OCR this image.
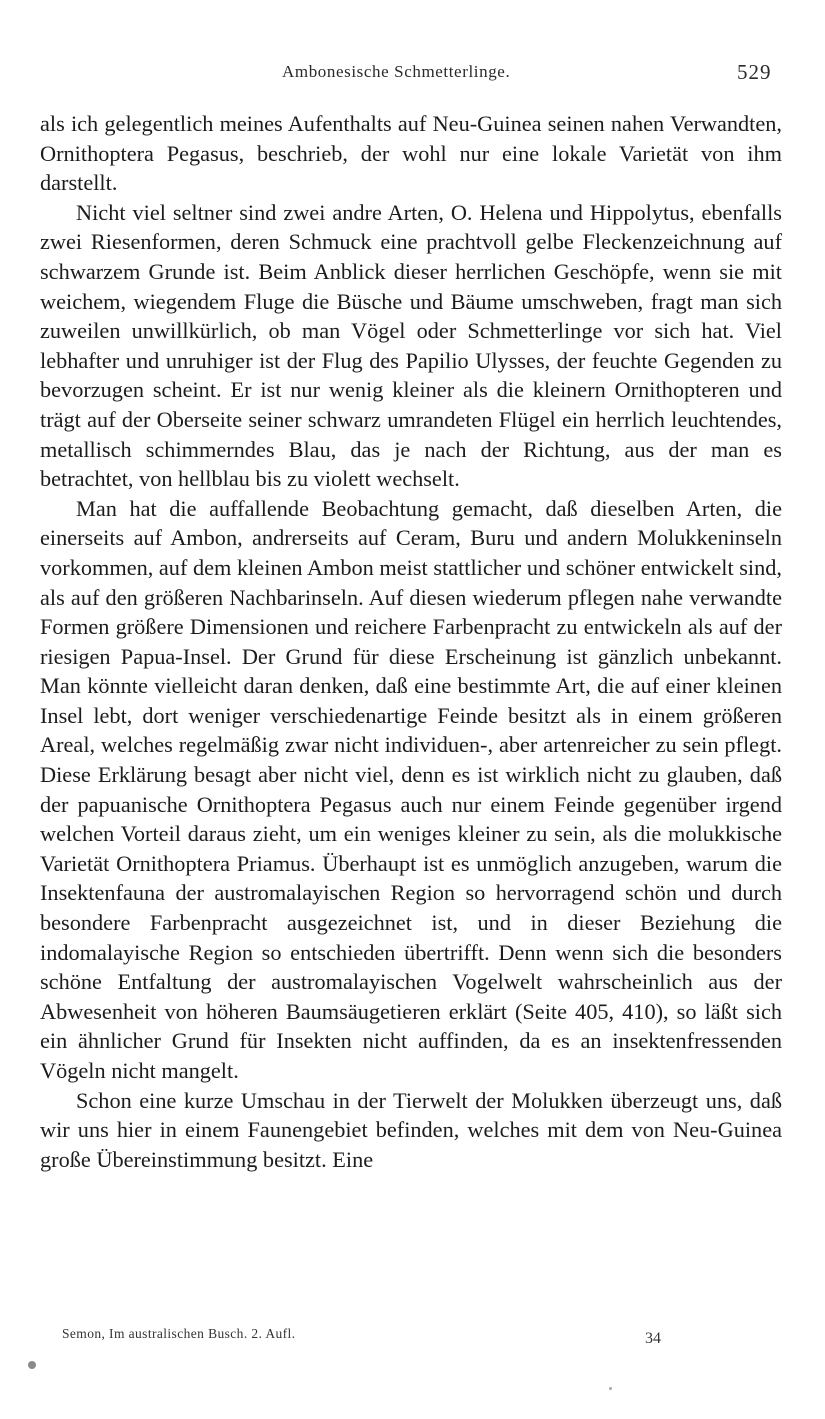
Ambonesische Schmetterlinge.	529

als ich gelegentlich meines Aufenthalts auf Neu-Guinea seinen nahen Verwandten, Ornithoptera Pegasus, beschrieb, der wohl nur eine lokale Varietät von ihm darstellt.

Nicht viel seltner sind zwei andre Arten, O. Helena und Hippolytus, ebenfalls zwei Riesenformen, deren Schmuck eine prachtvoll gelbe Fleckenzeichnung auf schwarzem Grunde ist. Beim Anblick dieser herrlichen Geschöpfe, wenn sie mit weichem, wiegendem Fluge die Büsche und Bäume umschweben, fragt man sich zuweilen unwillkürlich, ob man Vögel oder Schmetterlinge vor sich hat. Viel lebhafter und unruhiger ist der Flug des Papilio Ulysses, der feuchte Gegenden zu bevorzugen scheint. Er ist nur wenig kleiner als die kleinern Ornithopteren und trägt auf der Oberseite seiner schwarz umrandeten Flügel ein herrlich leuchtendes, metallisch schimmerndes Blau, das je nach der Richtung, aus der man es betrachtet, von hellblau bis zu violett wechselt.

Man hat die auffallende Beobachtung gemacht, daß dieselben Arten, die einerseits auf Ambon, andrerseits auf Ceram, Buru und andern Molukkeninseln vorkommen, auf dem kleinen Ambon meist stattlicher und schöner entwickelt sind, als auf den größeren Nachbarinseln. Auf diesen wiederum pflegen nahe verwandte Formen größere Dimensionen und reichere Farbenpracht zu entwickeln als auf der riesigen Papua-Insel. Der Grund für diese Erscheinung ist gänzlich unbekannt. Man könnte vielleicht daran denken, daß eine bestimmte Art, die auf einer kleinen Insel lebt, dort weniger verschiedenartige Feinde besitzt als in einem größeren Areal, welches regelmäßig zwar nicht individuen-, aber artenreicher zu sein pflegt. Diese Erklärung besagt aber nicht viel, denn es ist wirklich nicht zu glauben, daß der papuanische Ornithoptera Pegasus auch nur einem Feinde gegenüber irgend welchen Vorteil daraus zieht, um ein weniges kleiner zu sein, als die molukkische Varietät Ornithoptera Priamus. Überhaupt ist es unmöglich anzugeben, warum die Insektenfauna der austromalayischen Region so hervorragend schön und durch besondere Farbenpracht ausgezeichnet ist, und in dieser Beziehung die indomalayische Region so entschieden übertrifft. Denn wenn sich die besonders schöne Entfaltung der austromalayischen Vogelwelt wahrscheinlich aus der Abwesenheit von höheren Baumsäugetieren erklärt (Seite 405, 410), so läßt sich ein ähnlicher Grund für Insekten nicht auffinden, da es an insektenfressenden Vögeln nicht mangelt.

Schon eine kurze Umschau in der Tierwelt der Molukken überzeugt uns, daß wir uns hier in einem Faunengebiet befinden, welches mit dem von Neu-Guinea große Übereinstimmung besitzt. Eine

Semon, Im australischen Busch. 2. Aufl.	34
